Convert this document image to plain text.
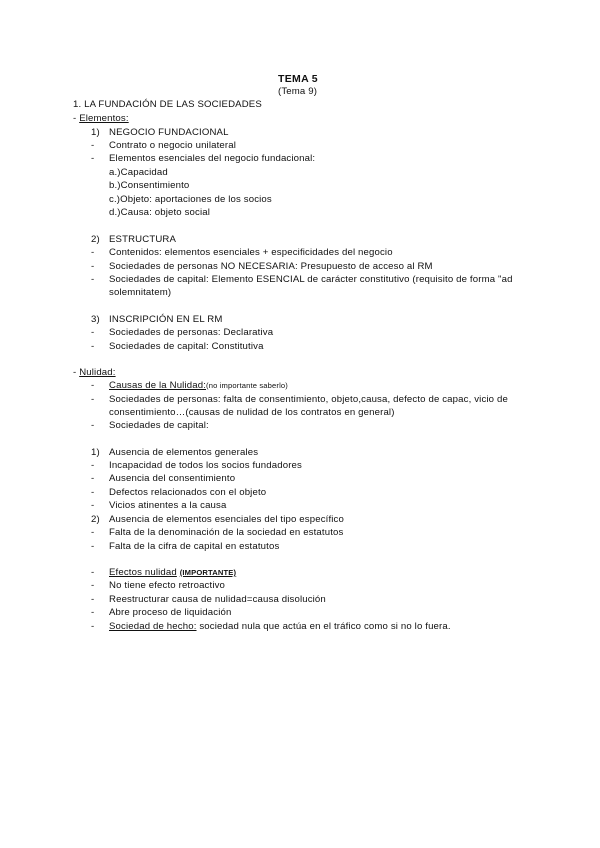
TEMA 5
(Tema 9)
1. LA FUNDACIÓN DE LAS SOCIEDADES
- Elementos:
1) NEGOCIO FUNDACIONAL
- Contrato o negocio unilateral
- Elementos esenciales del negocio fundacional:
a.)Capacidad
b.)Consentimiento
c.)Objeto: aportaciones de los socios
d.)Causa: objeto social
2) ESTRUCTURA
- Contenidos: elementos esenciales + especificidades del negocio
- Sociedades de personas NO NECESARIA: Presupuesto de acceso al RM
- Sociedades de capital: Elemento ESENCIAL de carácter constitutivo (requisito de forma "ad
solemnitatem)
3) INSCRIPCIÓN EN EL RM
- Sociedades de personas: Declarativa
- Sociedades de capital: Constitutiva
- Nulidad:
- Causas de la Nulidad:(no importante saberlo)
- Sociedades de personas: falta de consentimiento, objeto,causa, defecto de capac, vicio de
consentimiento…(causas de nulidad de los contratos en general)
- Sociedades de capital:
1) Ausencia de elementos generales
- Incapacidad de todos los socios fundadores
- Ausencia del consentimiento
- Defectos relacionados con el objeto
- Vicios atinentes a la causa
2) Ausencia de elementos esenciales del tipo específico
- Falta de la denominación de la sociedad en estatutos
- Falta de la cifra de capital en estatutos
- Efectos nulidad (IMPORTANTE)
- No tiene efecto retroactivo
- Reestructurar causa de nulidad=causa disolución
- Abre proceso de liquidación
- Sociedad de hecho: sociedad nula que actúa en el tráfico como si no lo fuera.
